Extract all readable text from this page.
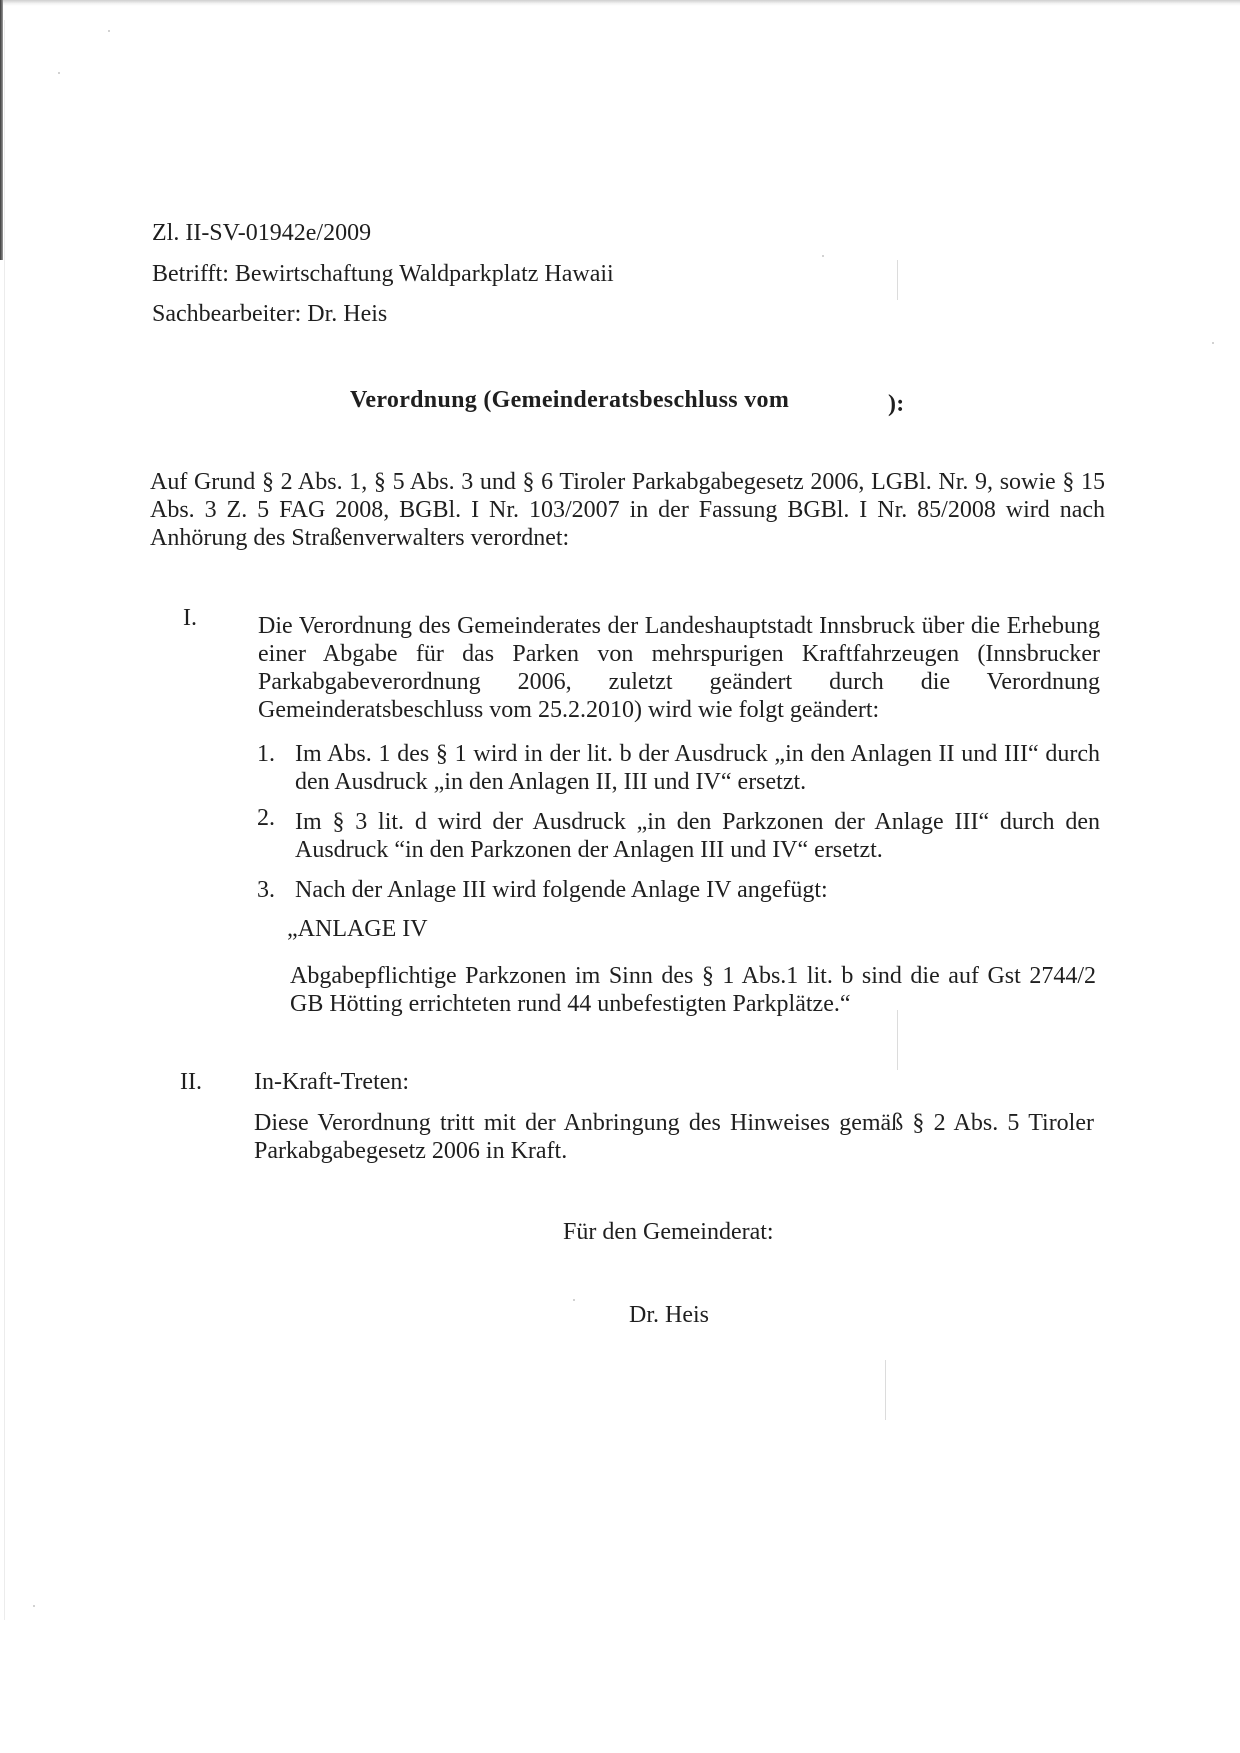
Zl. II-SV-01942e/2009

Betrifft: Bewirtschaftung Waldparkplatz Hawaii

Sachbearbeiter: Dr. Heis

Verordnung (Gemeinderatsbeschluss vom	):

Auf Grund § 2 Abs. 1, § 5 Abs. 3 und § 6 Tiroler Parkabgabegesetz 2006, LGBl. Nr. 9, sowie § 15 Abs. 3 Z. 5 FAG 2008, BGBl. I Nr. 103/2007 in der Fassung BGBl. I Nr. 85/2008 wird nach Anhörung des Straßenverwalters verordnet:

I.	Die Verordnung des Gemeinderates der Landeshauptstadt Innsbruck über die Erhebung einer Abgabe für das Parken von mehrspurigen Kraftfahrzeugen (Innsbrucker Parkabgabeverordnung 2006, zuletzt geändert durch die Verordnung Gemeinderatsbeschluss vom 25.2.2010) wird wie folgt geändert:

1. Im Abs. 1 des § 1 wird in der lit. b der Ausdruck „in den Anlagen II und III“ durch den Ausdruck „in den Anlagen II, III und IV“ ersetzt.

2. Im § 3 lit. d wird der Ausdruck „in den Parkzonen der Anlage III“ durch den Ausdruck “in den Parkzonen der Anlagen III und IV“ ersetzt.

3. Nach der Anlage III wird folgende Anlage IV angefügt:

„ANLAGE IV

Abgabepflichtige Parkzonen im Sinn des § 1 Abs.1 lit. b sind die auf Gst 2744/2 GB Hötting errichteten rund 44 unbefestigten Parkplätze.“

II. In-Kraft-Treten:

Diese Verordnung tritt mit der Anbringung des Hinweises gemäß § 2 Abs. 5 Tiroler Parkabgabegesetz 2006 in Kraft.

Für den Gemeinderat:

Dr. Heis
